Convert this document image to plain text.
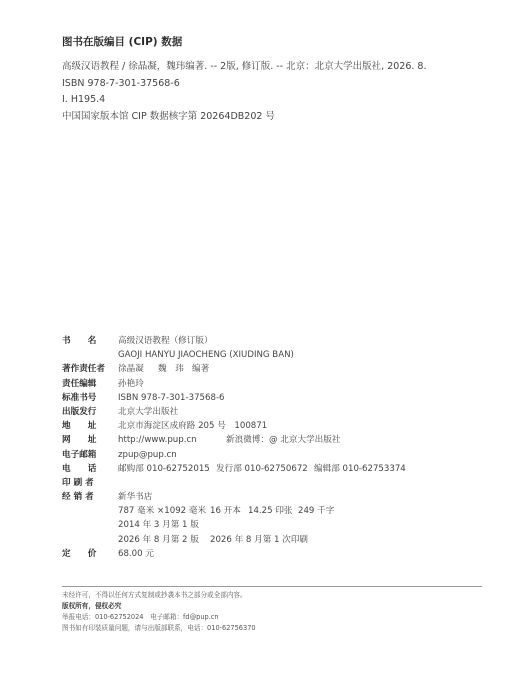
图书在版编目 (CIP) 数据
高级汉语教程 / 徐晶凝，魏玮编著. -- 2版, 修订版. -- 北京：北京大学出版社, 2026. 8.
ISBN 978-7-301-37568-6
Ⅰ. H195.4
中国国家版本馆 CIP 数据核字第 20264DB202 号
书　　名	高级汉语教程（修订版）
GAOJI HANYU JIAOCHENG (XIUDING BAN)
著作责任者	徐晶凝	魏　玮 编著
责任编辑	孙艳玲
标准书号	ISBN 978-7-301-37568-6
出版发行	北京大学出版社
地　　址	北京市海淀区成府路 205 号　100871
网　　址	http://www.pup.cn	新浪微博：@ 北京大学出版社
电子邮箱	zpup@pup.cn
电　　话	邮购部 010-62752015 发行部 010-62750672 编辑部 010-62753374
印 刷 者
经 销 者	新华书店
787 毫米 ×1092 毫米 16 开本 14.25 印张 249 千字
2014 年 3 月第 1 版
2026 年 8 月第 2 版	2026 年 8 月第 1 次印刷
定　　价	68.00 元
未经许可，不得以任何方式复制或抄袭本书之部分或全部内容。
版权所有，侵权必究
举报电话：010-62752024　电子邮箱：fd@pup.cn
图书如有印装质量问题，请与出版部联系，电话：010-62756370
